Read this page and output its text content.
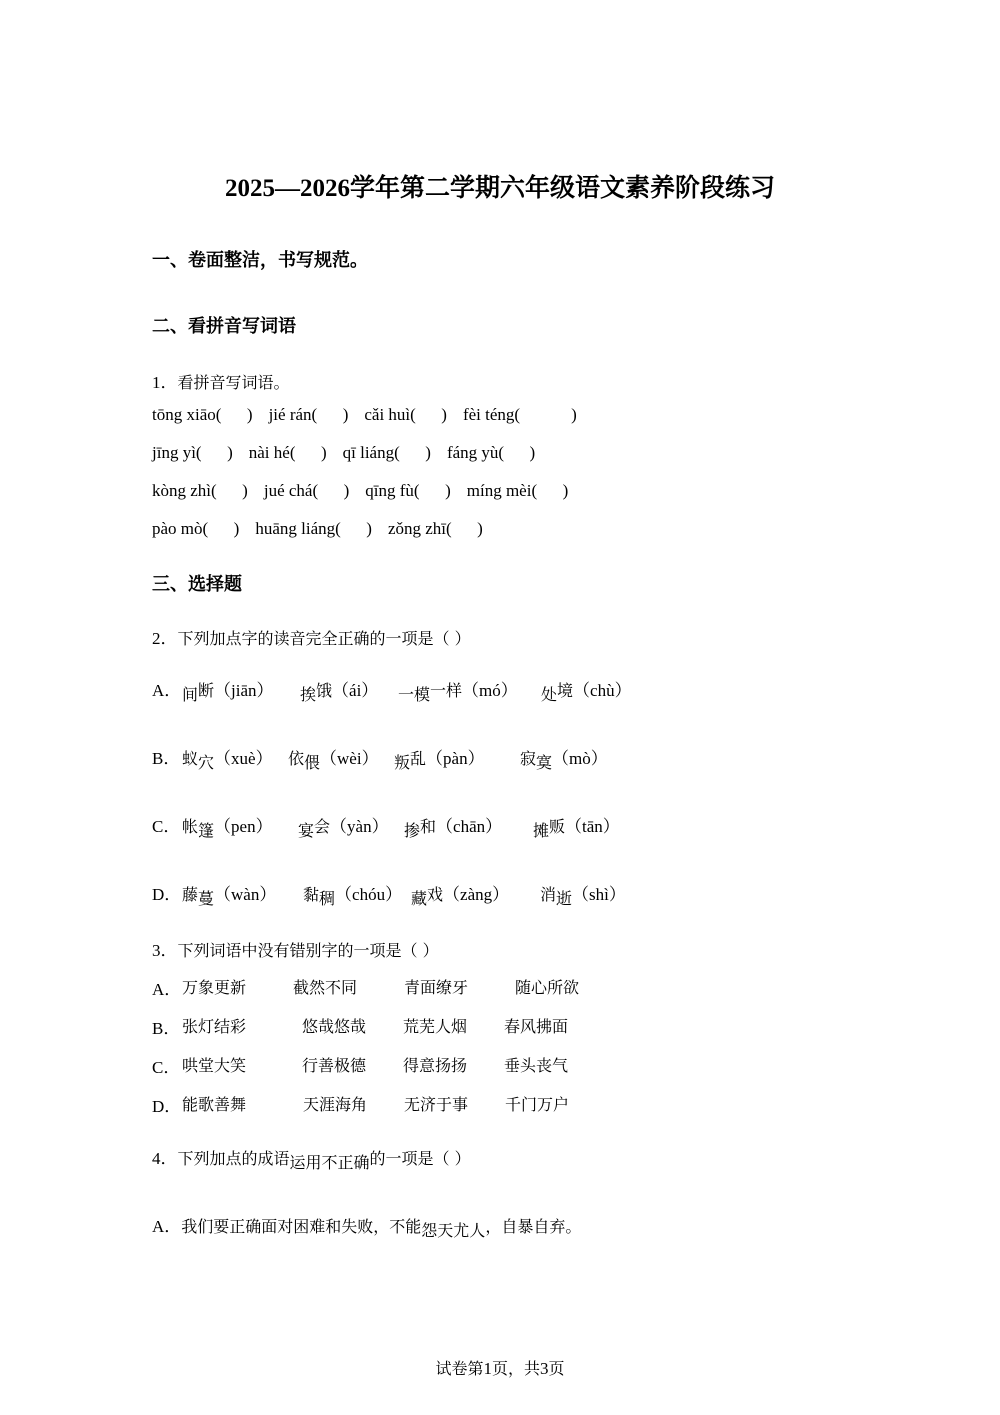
2025—2026学年第二学期六年级语文素养阶段练习
一、卷面整洁，书写规范。
二、看拼音写词语
1．看拼音写词语。
tōng xiāo(      ) jié rán(      ) cǎi huì(      ) fèi téng(            )
jīng yì(      ) nài hé(      ) qī liáng(      ) fáng yù(      )
kòng zhì(      ) jué chá(      ) qīng fù(      ) míng mèi(      )
pào mò(      ) huāng liáng(      ) zǒng zhī(      )
三、选择题
2．下列加点字的读音完全正确的一项是（ ）
A． 间断（jiān） 挨饿（ái） 一模一样（mó） 处境（chù）
B． 蚁穴（xuè） 依偎（wèi） 叛乱（pàn） 寂寞（mò）
C． 帐篷（pen） 宴会（yàn） 掺和（chān） 摊贩（tān）
D． 藤蔓（wàn） 黏稠（chóu） 藏戏（zàng） 消逝（shì）
3．下列词语中没有错别字的一项是（ ）
A． 万象更新	截然不同	青面缭牙	随心所欲
B． 张灯结彩	悠哉悠哉 荒芜人烟 春风拂面
C． 哄堂大笑	行善极德 得意扬扬 垂头丧气
D． 能歌善舞	天涯海角 无济于事 千门万户
4．下列加点的成语运用不正确的一项是（ ）
A．我们要正确面对困难和失败，不能怨天尤人，自暴自弃。
试卷第1页，共3页
